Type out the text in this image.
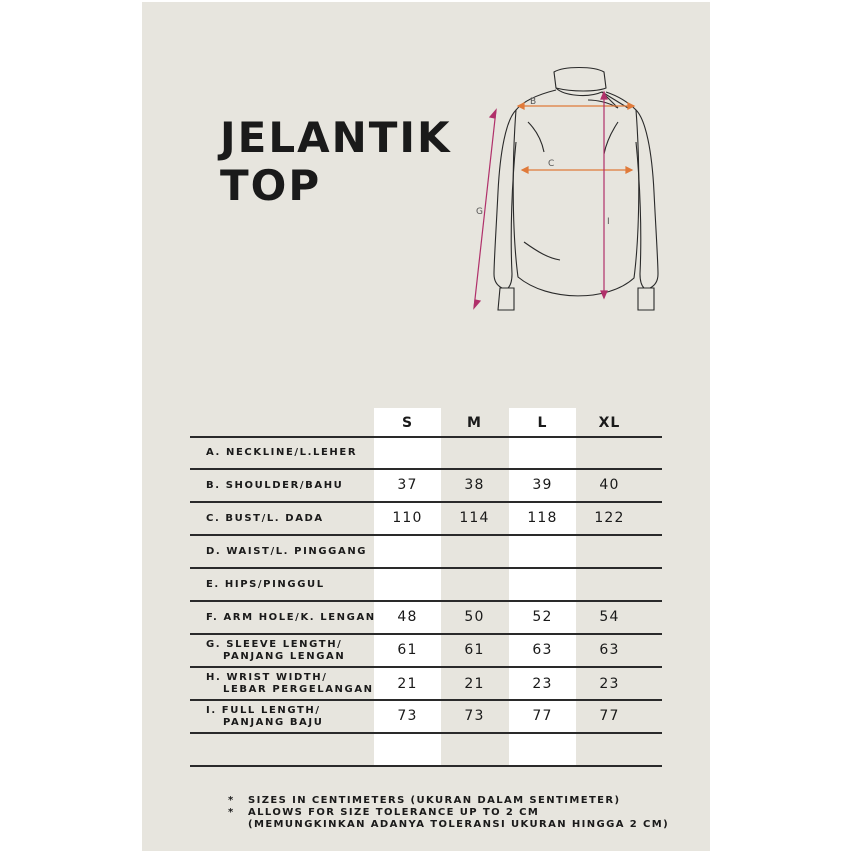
JELANTIK
TOP
B
C
G
I
S	M	L	XL
A. NECKLINE/L.LEHER
B. SHOULDER/BAHU	37	38	39	40
C. BUST/L. DADA	110	114	118	122
D. WAIST/L. PINGGANG
E. HIPS/PINGGUL
F. ARM HOLE/K. LENGAN	48	50	52	54
G. SLEEVE LENGTH/
PANJANG LENGAN	61	61	63	63
H. WRIST WIDTH/
LEBAR PERGELANGAN	21	21	23	23
I. FULL LENGTH/
PANJANG BAJU	73	73	77	77
* SIZES IN CENTIMETERS (UKURAN DALAM SENTIMETER)
* ALLOWS FOR SIZE TOLERANCE UP TO 2 CM
(MEMUNGKINKAN ADANYA TOLERANSI UKURAN HINGGA 2 CM)
